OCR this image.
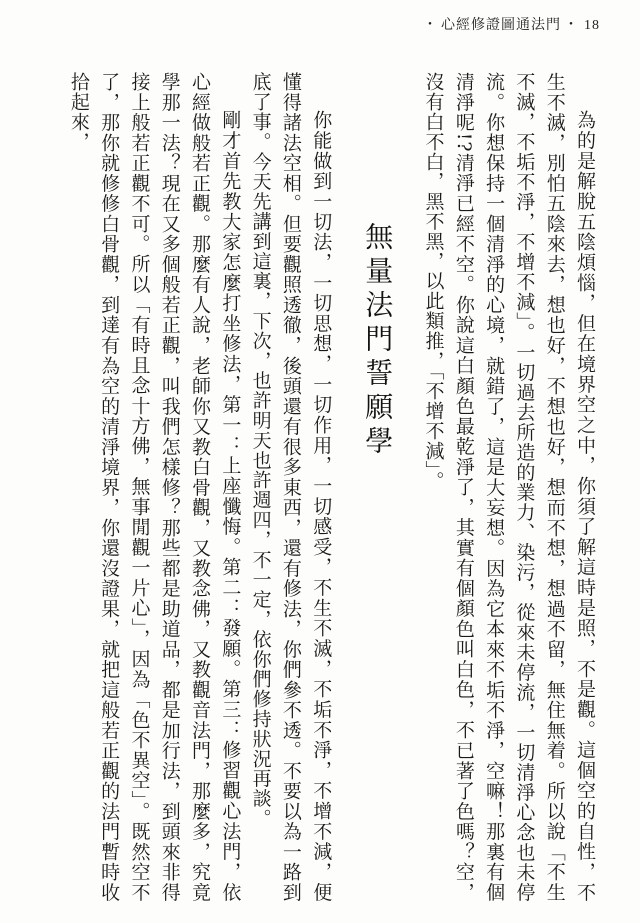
・ 心經修證圖通法門 ・ 18

為的是解脫五陰煩惱，但在境界空之中，你須了解這時是照，不是觀。這個空的自性，不生不滅，別怕五陰來去，想也好，不想也好，想而不想，想過不留，無住無着。所以說「不生不滅，不垢不淨，不增不減」。一切過去所造的業力、染污，從來未停流，一切清淨心念也未停流。你想保持一個清淨的心境，就錯了，這是大妄想。因為它本來不垢不淨，空嘛！那裏有個清淨呢!?清淨已經不空。你說這白顏色最乾淨了，其實有個顏色叫白色，不已著了色嗎？空，沒有白不白，黑不黑，以此類推，「不增不減」。

無量法門誓願學

你能做到一切法，一切思想，一切作用，一切感受，不生不滅，不垢不淨，不增不減，便懂得諸法空相。但要觀照透徹，後頭還有很多東西，還有修法，你們參不透。不要以為一路到底了事。今天先講到這裏，下次，也許明天也許週四，不一定，依你們修持狀況再談。

剛才首先教大家怎麼打坐修法，第一：上座懺悔。第二：發願。第三：修習觀心法門，依心經做般若正觀。那麼有人說，老師你又教白骨觀，又教念佛，又教觀音法門，那麼多，究竟學那一法？現在又多個般若正觀，叫我們怎樣修？那些都是助道品，都是加行法，到頭來非得接上般若正觀不可。所以「有時且念十方佛，無事閒觀一片心」，因為「色不異空」。既然空不了，那你就修修白骨觀，到達有為空的清淨境界，你還沒證果，就把這般若正觀的法門暫時收拾起來，
